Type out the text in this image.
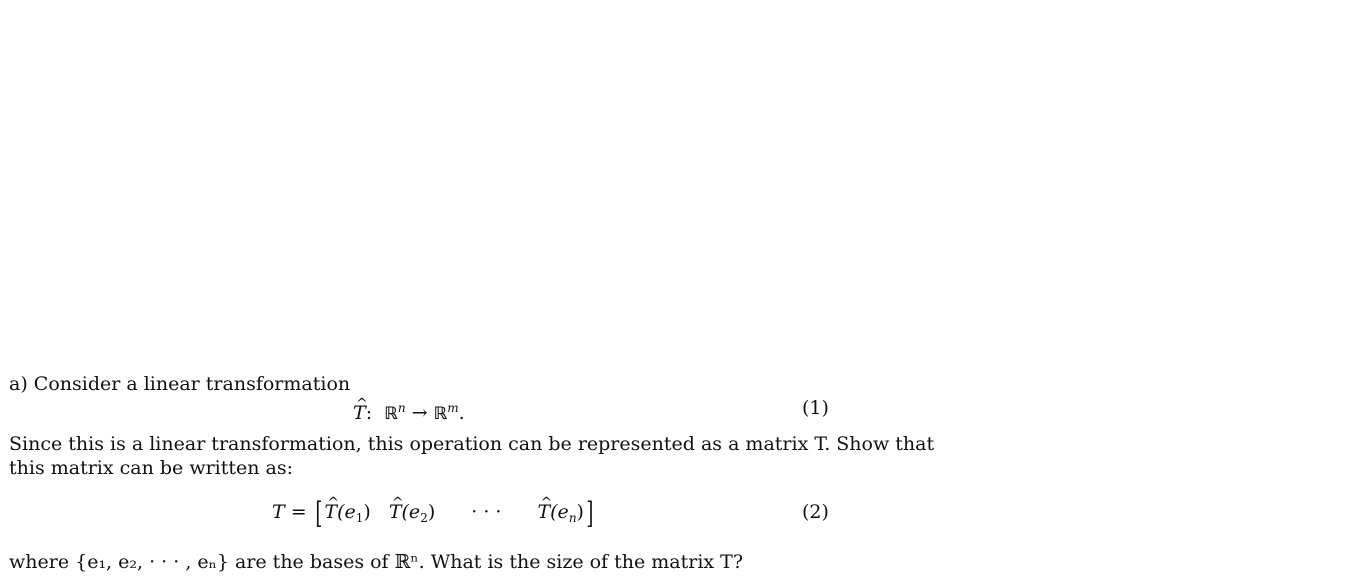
a) Consider a linear transformation
^ T: ℝ$^n$ → ℝ$^m$.	(1)
Since this is a linear transformation, this operation can be represented as a matrix T. Show that
this matrix can be written as:
T = [^ $T(e_1)\^{}$ $T(e_2)$ · · ·^ $T(e_n)$]	(2)
where {e₁, e₂, · · · , eₙ} are the bases of ℝⁿ. What is the size of the matrix T?
